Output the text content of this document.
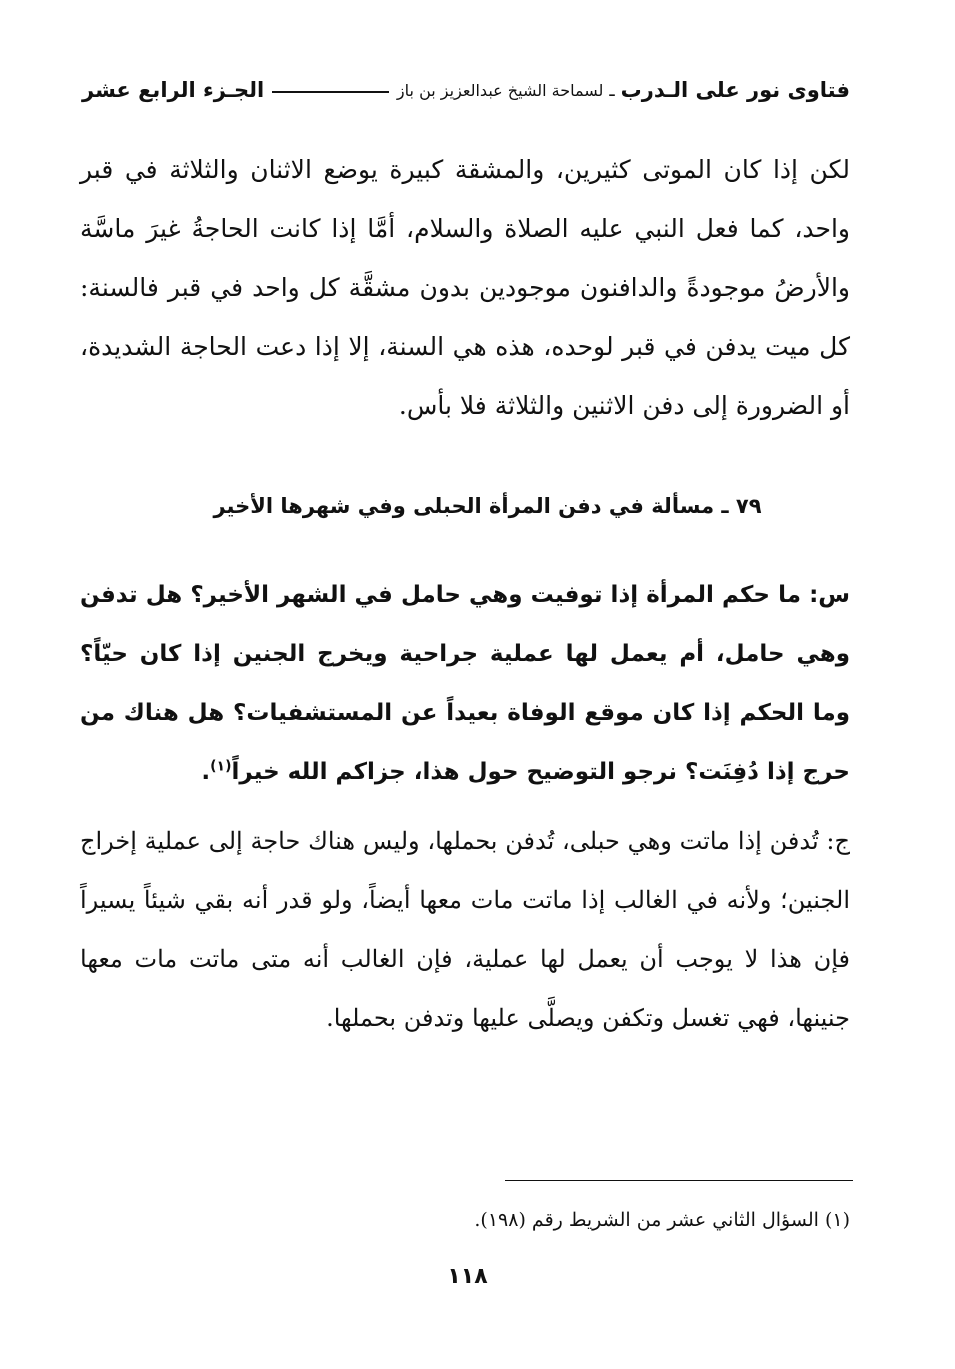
فتاوى نور على الـدرب
ـ
لسماحة الشيخ عبدالعزيز بن باز
الجـزء الرابع عشر
لكن إذا كان الموتى كثيرين، والمشقة كبيرة يوضع الاثنان والثلاثة في قبر واحد، كما فعل النبي عليه الصلاة والسلام، أمَّا إذا كانت الحاجةُ غيرَ ماسَّة والأرضُ موجودةً والدافنون موجودين بدون مشقَّة كل واحد في قبر فالسنة: كل ميت يدفن في قبر لوحده، هذه هي السنة، إلا إذا دعت الحاجة الشديدة، أو الضرورة إلى دفن الاثنين والثلاثة فلا بأس.
٧٩ ـ مسألة في دفن المرأة الحبلى وفي شهرها الأخير
س: ما حكم المرأة إذا توفيت وهي حامل في الشهر الأخير؟ هل تدفن وهي حامل، أم يعمل لها عملية جراحية ويخرج الجنين إذا كان حيّاً؟ وما الحكم إذا كان موقع الوفاة بعيداً عن المستشفيات؟ هل هناك من حرج إذا دُفِنَت؟ نرجو التوضيح حول هذا، جزاكم الله خيراً$^{(١)}$.
ج: تُدفن إذا ماتت وهي حبلى، تُدفن بحملها، وليس هناك حاجة إلى عملية إخراج الجنين؛ ولأنه في الغالب إذا ماتت مات معها أيضاً، ولو قدر أنه بقي شيئاً يسيراً فإن هذا لا يوجب أن يعمل لها عملية، فإن الغالب أنه متى ماتت مات معها جنينها، فهي تغسل وتكفن ويصلَّى عليها وتدفن بحملها.
(١) السؤال الثاني عشر من الشريط رقم (١٩٨).
١١٨
